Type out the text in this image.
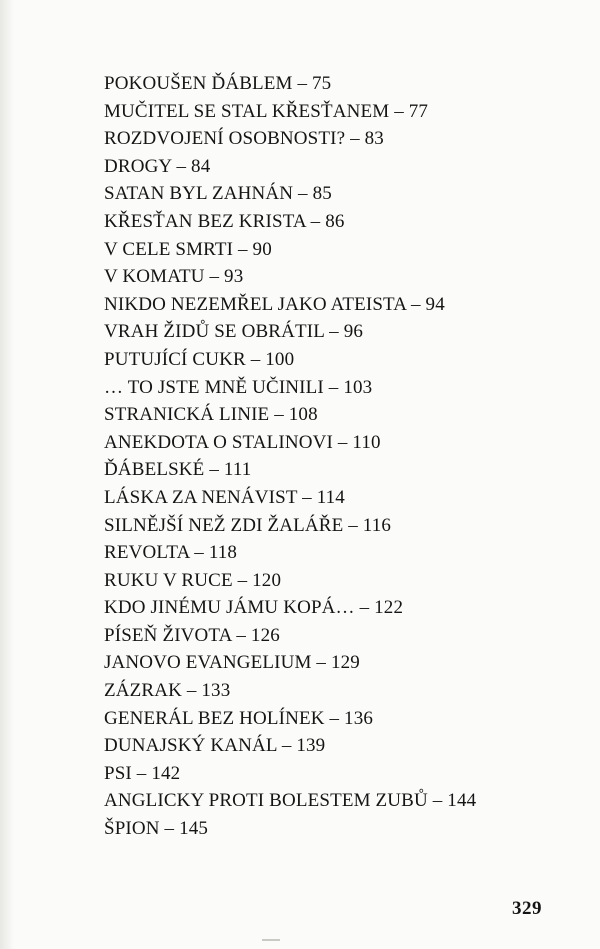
POKOUŠEN ĎÁBLEM – 75
MUČITEL SE STAL KŘESŤANEM – 77
ROZDVOJENÍ OSOBNOSTI? – 83
DROGY – 84
SATAN BYL ZAHNÁN – 85
KŘESŤAN BEZ KRISTA – 86
V CELE SMRTI – 90
V KOMATU – 93
NIKDO NEZEMŘEL JAKO ATEISTA – 94
VRAH ŽIDŮ SE OBRÁTIL – 96
PUTUJÍCÍ CUKR – 100
… TO JSTE MNĚ UČINILI – 103
STRANICKÁ LINIE – 108
ANEKDOTA O STALINOVI – 110
ĎÁBELSKÉ – 111
LÁSKA ZA NENÁVIST – 114
SILNĚJŠÍ NEŽ ZDI ŽALÁŘE – 116
REVOLTA – 118
RUKU V RUCE – 120
KDO JINÉMU JÁMU KOPÁ… – 122
PÍSEŇ ŽIVOTA – 126
JANOVO EVANGELIUM – 129
ZÁZRAK – 133
GENERÁL BEZ HOLÍNEK – 136
DUNAJSKÝ KANÁL – 139
PSI – 142
ANGLICKY PROTI BOLESTEM ZUBŮ – 144
ŠPION – 145
329
